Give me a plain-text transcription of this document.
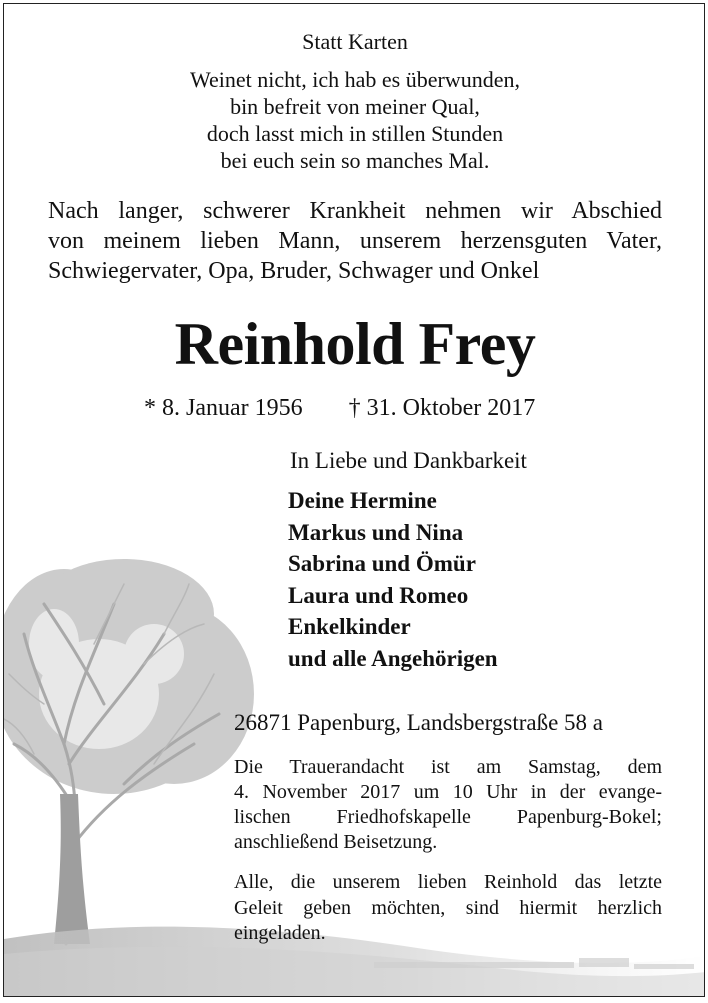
Statt Karten
Weinet nicht, ich hab es überwunden,
bin befreit von meiner Qual,
doch lasst mich in stillen Stunden
bei euch sein so manches Mal.
Nach langer, schwerer Krankheit nehmen wir Abschied
von meinem lieben Mann, unserem herzensguten Vater,
Schwiegervater, Opa, Bruder, Schwager und Onkel
Reinhold Frey
* 8. Januar 1956 † 31. Oktober 2017
In Liebe und Dankbarkeit
Deine Hermine
Markus und Nina
Sabrina und Ömür
Laura und Romeo
Enkelkinder
und alle Angehörigen
26871 Papenburg, Landsbergstraße 58 a
Die Trauerandacht ist am Samstag, dem
4. November 2017 um 10 Uhr in der evange-
lischen Friedhofskapelle Papenburg-Bokel;
anschließend Beisetzung.
Alle, die unserem lieben Reinhold das letzte
Geleit geben möchten, sind hiermit herzlich
eingeladen.
